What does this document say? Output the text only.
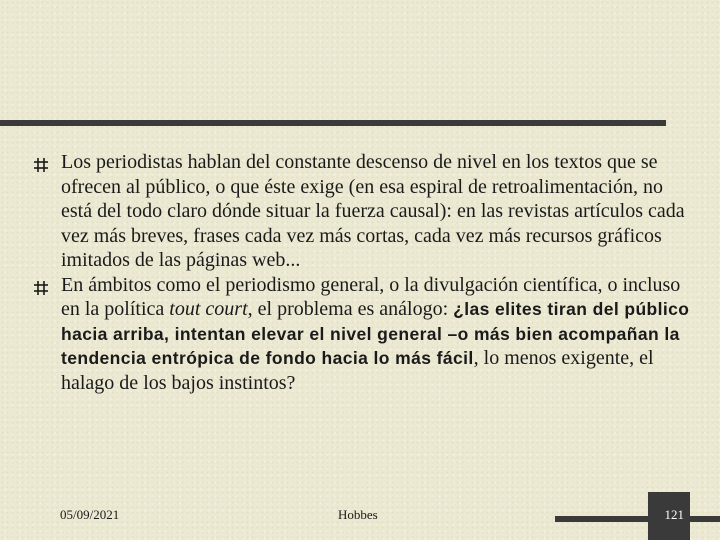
Los periodistas hablan del constante descenso de nivel en los textos que se ofrecen al público, o que éste exige (en esa espiral de retroalimentación, no está del todo claro dónde situar la fuerza causal): en las revistas artículos cada vez más breves, frases cada vez más cortas, cada vez más recursos gráficos imitados de las páginas web...
En ámbitos como el periodismo general, o la divulgación científica, o incluso en la política tout court, el problema es análogo: ¿las elites tiran del público hacia arriba, intentan elevar el nivel general –o más bien acompañan la tendencia entrópica de fondo hacia lo más fácil, lo menos exigente, el halago de los bajos instintos?
05/09/2021	Hobbes	121
